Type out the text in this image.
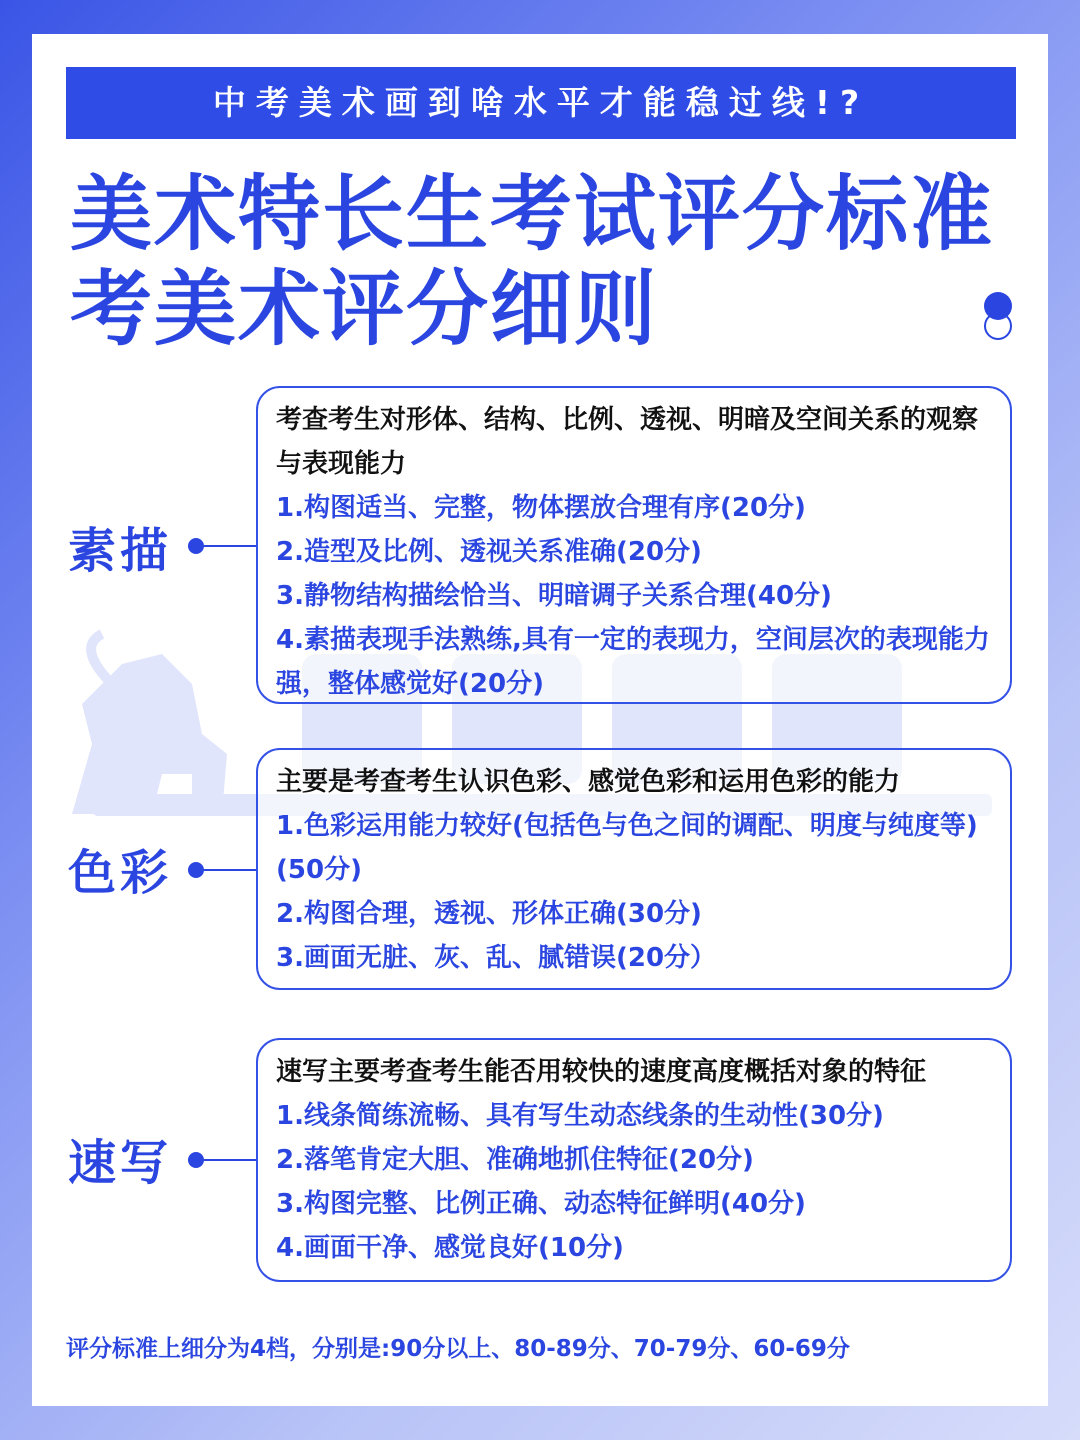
中考美术画到啥水平才能稳过线!?
美术特长生考试评分标准
考美术评分细则
素描
考查考生对形体、结构、比例、透视、明暗及空间关系的观察与表现能力
1.构图适当、完整，物体摆放合理有序(20分)
2.造型及比例、透视关系准确(20分)
3.静物结构描绘恰当、明暗调子关系合理(40分)
4.素描表现手法熟练,具有一定的表现力，空间层次的表现能力强，整体感觉好(20分)
色彩
主要是考查考生认识色彩、感觉色彩和运用色彩的能力
1.色彩运用能力较好(包括色与色之间的调配、明度与纯度等)(50分)
2.构图合理，透视、形体正确(30分)
3.画面无脏、灰、乱、腻错误(20分）
速写
速写主要考查考生能否用较快的速度高度概括对象的特征
1.线条简练流畅、具有写生动态线条的生动性(30分)
2.落笔肯定大胆、准确地抓住特征(20分)
3.构图完整、比例正确、动态特征鲜明(40分)
4.画面干净、感觉良好(10分)
评分标准上细分为4档，分别是:90分以上、80-89分、70-79分、60-69分
